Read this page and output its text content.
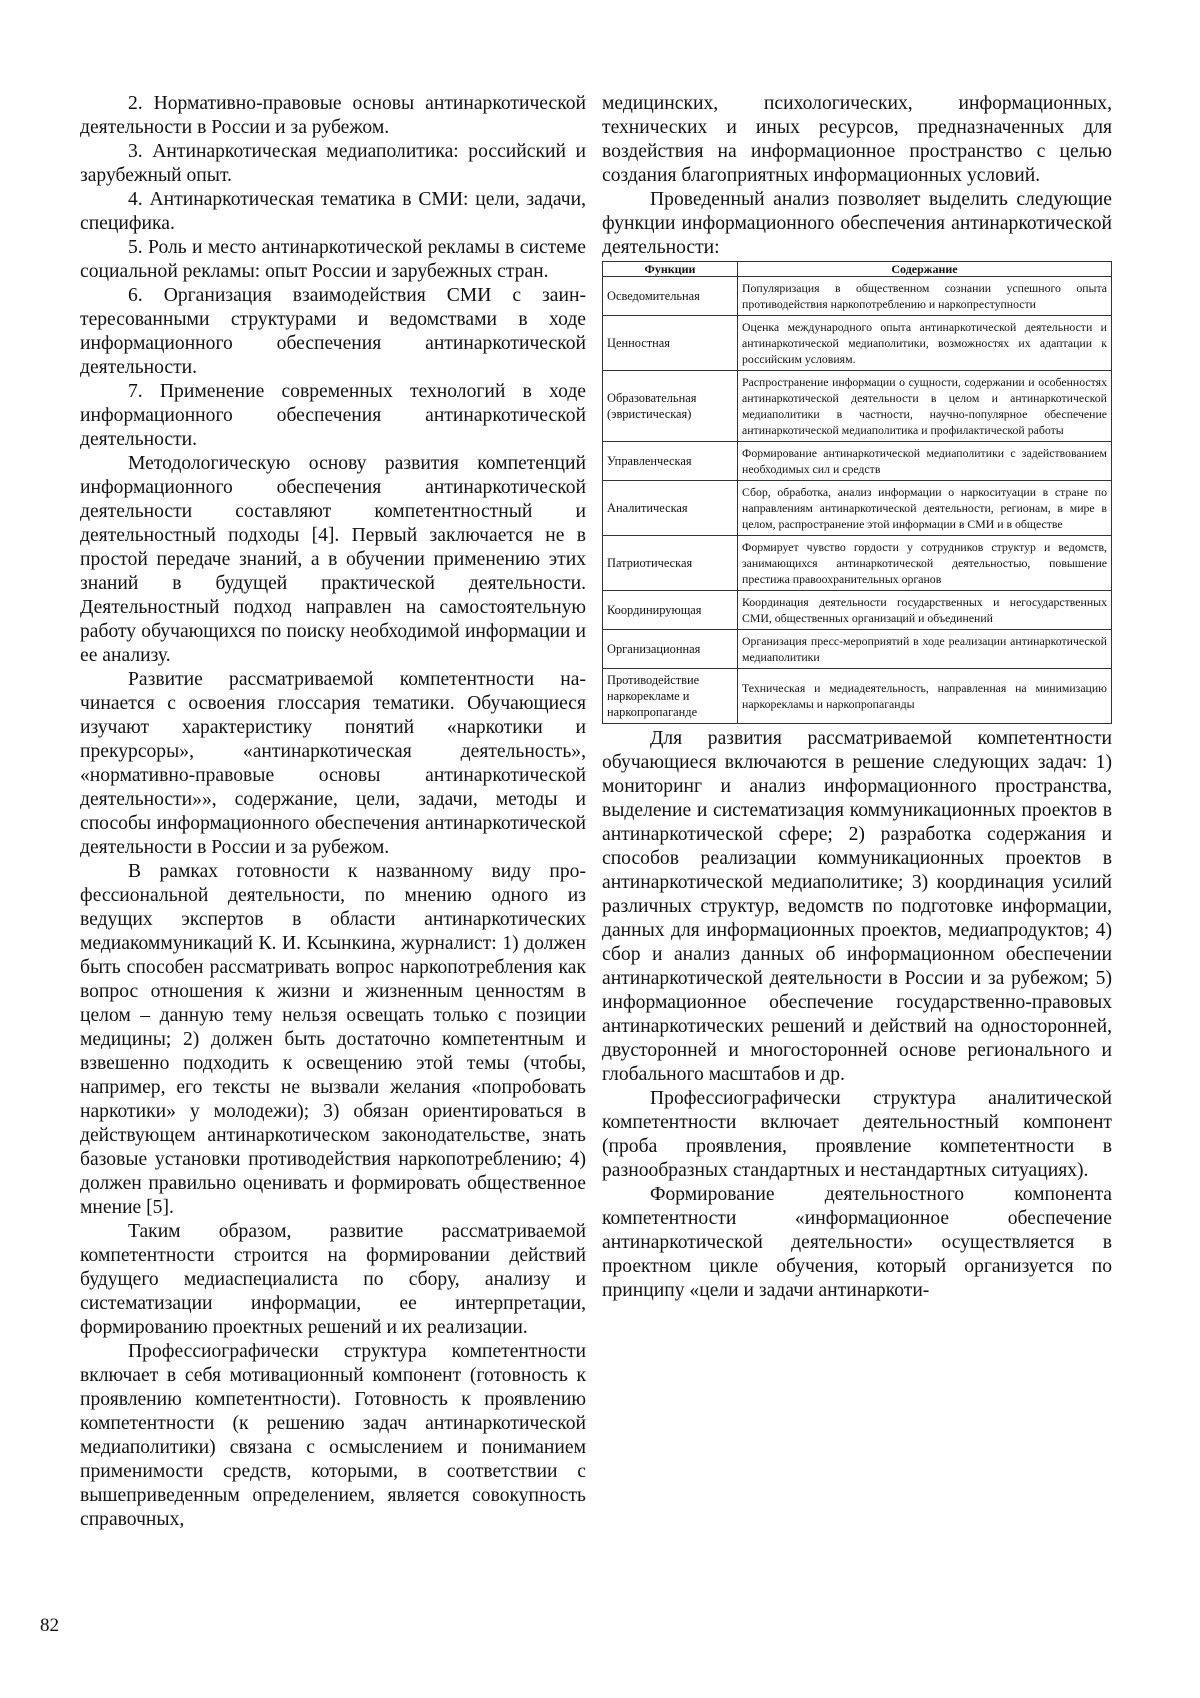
2. Нормативно-правовые основы антинаркотической деятельности в России и за рубежом.

3. Антинаркотическая медиаполитика: российский и зарубежный опыт.

4. Антинаркотическая тематика в СМИ: цели, задачи, специфика.

5. Роль и место антинаркотической рекламы в системе социальной рекламы: опыт России и зарубежных стран.

6. Организация взаимодействия СМИ с заинтересованными структурами и ведомствами в ходе информационного обеспечения антинаркотической деятельности.

7. Применение современных технологий в ходе информационного обеспечения антинаркотической деятельности.

Методологическую основу развития компетенций информационного обеспечения антинаркотической деятельности составляют компетентностный и деятельностный подходы [4]. Первый заключается не в простой передаче знаний, а в обучении применению этих знаний в будущей практической деятельности. Деятельностный подход направлен на самостоятельную работу обучающихся по поиску необходимой информации и ее анализу.

Развитие рассматриваемой компетентности начинается с освоения глоссария тематики. Обучающиеся изучают характеристику понятий «наркотики и прекурсоры», «антинаркотическая деятельность», «нормативно-правовые основы антинаркотической деятельности»», содержание, цели, задачи, методы и способы информационного обеспечения антинаркотической деятельности в России и за рубежом.

В рамках готовности к названному виду профессиональной деятельности, по мнению одного из ведущих экспертов в области антинаркотических медиакоммуникаций К. И. Ксынкина, журналист: 1) должен быть способен рассматривать вопрос наркопотребления как вопрос отношения к жизни и жизненным ценностям в целом – данную тему нельзя освещать только с позиции медицины; 2) должен быть достаточно компетентным и взвешенно подходить к освещению этой темы (чтобы, например, его тексты не вызвали желания «попробовать наркотики» у молодежи); 3) обязан ориентироваться в действующем антинаркотическом законодательстве, знать базовые установки противодействия наркопотреблению; 4) должен правильно оценивать и формировать общественное мнение [5].

Таким образом, развитие рассматриваемой компетентности строится на формировании действий будущего медиаспециалиста по сбору, анализу и систематизации информации, ее интерпретации, формированию проектных решений и их реализации.

Профессиографически структура компетентности включает в себя мотивационный компонент (готовность к проявлению компетентности). Готовность к проявлению компетентности (к решению задач антинаркотической медиаполитики) связана с осмыслением и пониманием применимости средств, которыми, в соответствии с вышеприведенным определением, является совокупность справочных,

медицинских, психологических, информационных, технических и иных ресурсов, предназначенных для воздействия на информационное пространство с целью создания благоприятных информационных условий.

Проведенный анализ позволяет выделить следующие функции информационного обеспечения антинаркотической деятельности:

Функции	Содержание
Осведомительная	Популяризация в общественном сознании успешного опыта противодействия наркопотреблению и наркопреступности
Ценностная	Оценка международного опыта антинаркотической деятельности и антинаркотической медиаполитики, возможностях их адаптации к российским условиям.
Образовательная (эвристическая)	Распространение информации о сущности, содержании и особенностях антинаркотической деятельности в целом и антинаркотической медиаполитики в частности, научно-популярное обеспечение антинаркотической медиаполитика и профилактической работы
Управленческая	Формирование антинаркотической медиаполитики с задействованием необходимых сил и средств
Аналитическая	Сбор, обработка, анализ информации о наркоситуации в стране по направлениям антинаркотической деятельности, регионам, в мире в целом, распространение этой информации в СМИ и в обществе
Патриотическая	Формирует чувство гордости у сотрудников структур и ведомств, занимающихся антинаркотической деятельностью, повышение престижа правоохранительных органов
Координирующая	Координация деятельности государственных и негосударственных СМИ, общественных организаций и объединений
Организационная	Организация пресс-мероприятий в ходе реализации антинаркотической медиаполитики
Противодействие наркорекламе и наркопропаганде	Техническая и медиадеятельность, направленная на минимизацию наркорекламы и наркопропаганды

Для развития рассматриваемой компетентности обучающиеся включаются в решение следующих задач: 1) мониторинг и анализ информационного пространства, выделение и систематизация коммуникационных проектов в антинаркотической сфере; 2) разработка содержания и способов реализации коммуникационных проектов в антинаркотической медиаполитике; 3) координация усилий различных структур, ведомств по подготовке информации, данных для информационных проектов, медиапродуктов; 4) сбор и анализ данных об информационном обеспечении антинаркотической деятельности в России и за рубежом; 5) информационное обеспечение государственно-правовых антинаркотических решений и действий на односторонней, двусторонней и многосторонней основе регионального и глобального масштабов и др.

Профессиографически структура аналитической компетентности включает деятельностный компонент (проба проявления, проявление компетентности в разнообразных стандартных и нестандартных ситуациях).

Формирование деятельностного компонента компетентности «информационное обеспечение антинаркотической деятельности» осуществляется в проектном цикле обучения, который организуется по принципу «цели и задачи антинаркоти-

82
